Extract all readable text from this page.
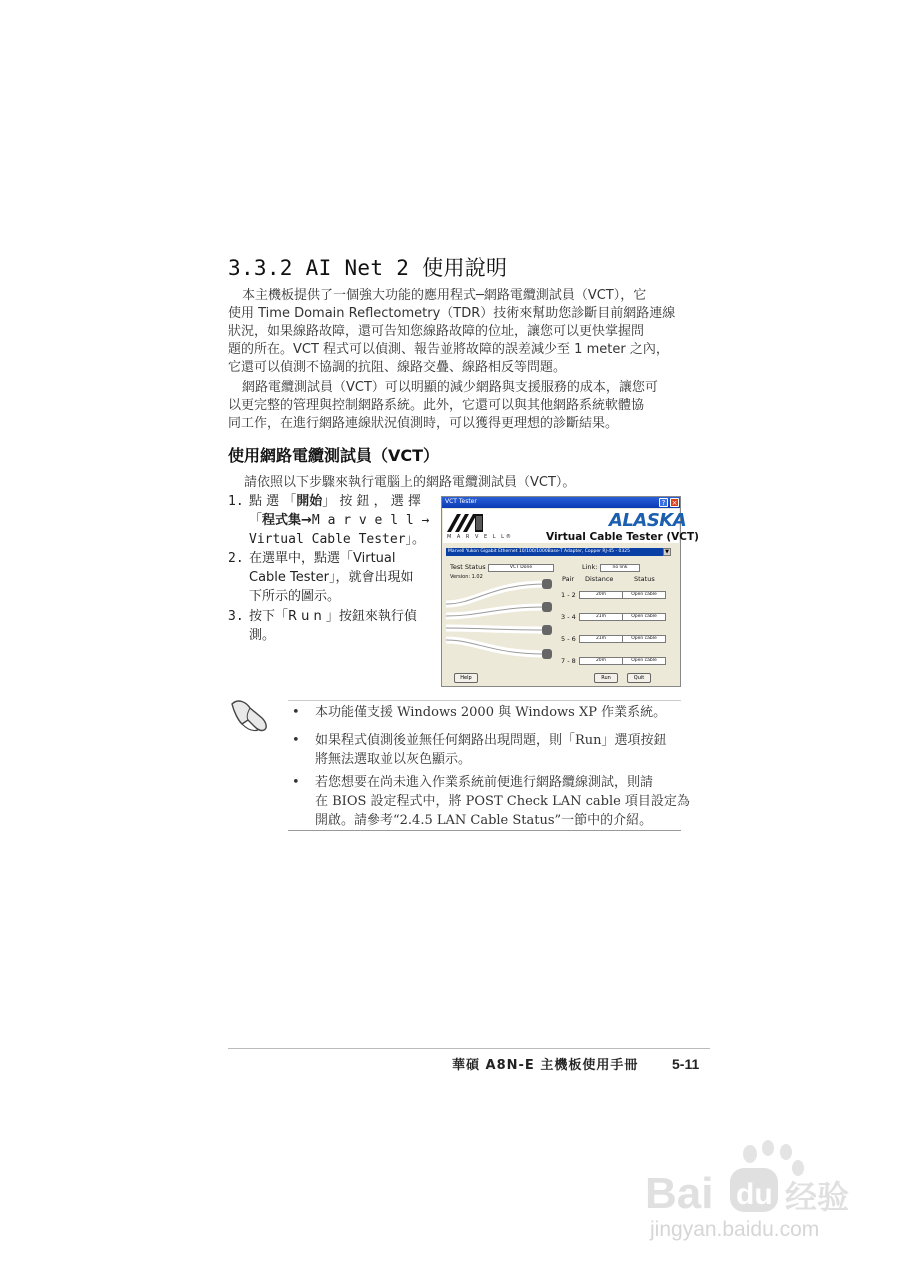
3.3.2 AI Net 2 使用說明
本主機板提供了一個強大功能的應用程式─網路電纜測試員（VCT），它
使用 Time Domain Reflectometry（TDR）技術來幫助您診斷目前網路連線
狀況，如果線路故障，還可告知您線路故障的位址，讓您可以更快掌握問
題的所在。VCT 程式可以偵測、報告並將故障的誤差減少至 1 meter 之內，
它還可以偵測不協調的抗阻、線路交疊、線路相反等問題。
網路電纜測試員（VCT）可以明顯的減少網路與支援服務的成本，讓您可
以更完整的管理與控制網路系統。此外，它還可以與其他網路系統軟體協
同工作，在進行網路連線狀況偵測時，可以獲得更理想的診斷結果。
使用網路電纜測試員（VCT）
請依照以下步驟來執行電腦上的網路電纜測試員（VCT）。
1. 點 選 「開始」 按 鈕 ， 選 擇
「程式集→M a r v e l l →
Virtual Cable Tester」。
2. 在選單中，點選「Virtual
Cable Tester」，就會出現如
下所示的圖示。
3. 按下「R u n 」按鈕來執行偵
測。
VCT Tester	? ×
M A R V E L L®
ALASKA
Virtual Cable Tester (VCT)
Marvell Yukon Gigabit Ethernet 10/100/1000Base-T Adapter, Copper RJ-45 - 0325	▼
Test Status	VCT Done	Link:	no link
Version: 1.02	Pair Distance	Status
1 - 2	20m	Open cable
3 - 4	21m	Open cable
5 - 6	21m	Open cable
7 - 8	20m	Open cable
Help	Run	Quit
•	本功能僅支援 Windows 2000 與 Windows XP 作業系統。
•	如果程式偵測後並無任何網路出現問題，則「Run」選項按鈕
將無法選取並以灰色顯示。
•	若您想要在尚未進入作業系統前便進行網路纜線測試，則請
在 BIOS 設定程式中，將 POST Check LAN cable 項目設定為
開啟。請參考“2.4.5 LAN Cable Status”一節中的介紹。
華碩 A8N-E 主機板使用手冊 5-11
Bai du 经验
jingyan.baidu.com
